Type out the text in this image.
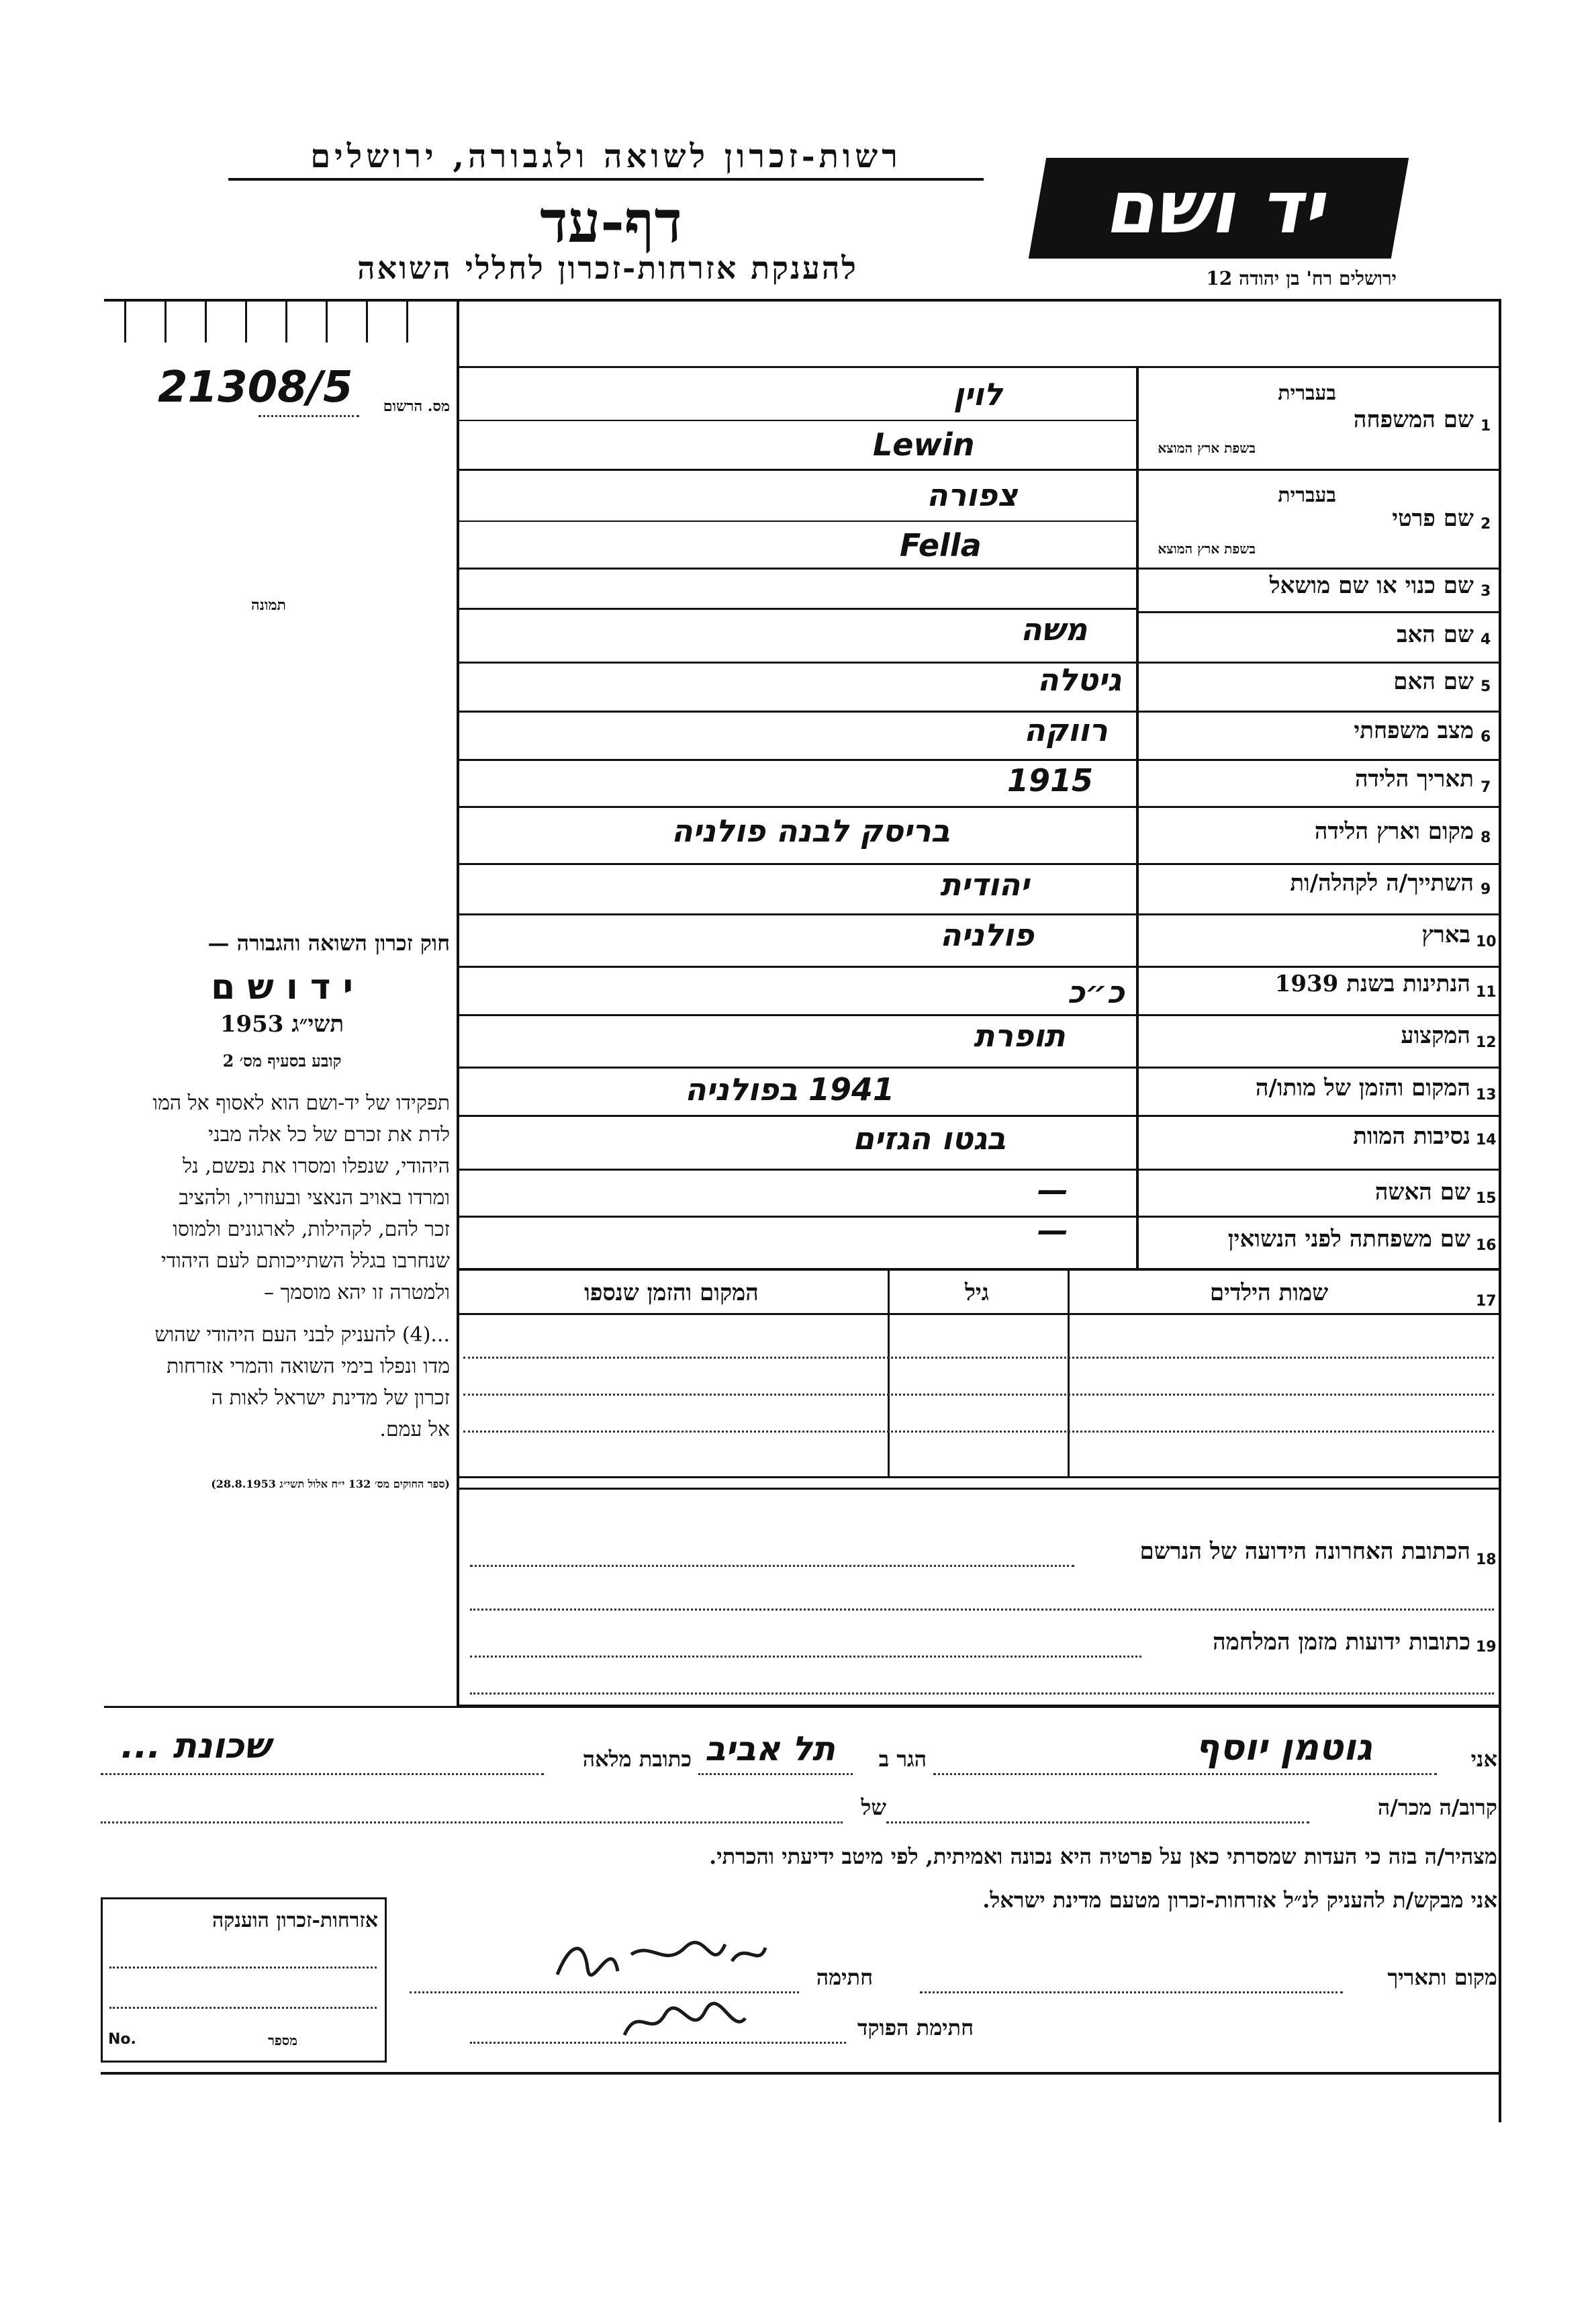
רשות-זכרון לשואה ולגבורה, ירושלים
דף-עד
להענקת אזרחות-זכרון לחללי השואה
יד ושם
ירושלים רח' בן יהודה 12
21308/5	מס. הרשום
תמונה
1
שם המשפחה
בעברית
בשפת ארץ המוצא
לוין
Lewin
2
שם פרטי
בעברית
בשפת ארץ המוצא
צפורה
Fella
3
שם כנוי או שם מושאל
4
שם האב
משה
5
שם האם
גיטלה
6
מצב משפחתי
רווקה
7
תאריך הלידה
1915
8
מקום וארץ הלידה
בריסק לבנה פולניה
9
השתייך/ה לקהלה/ות
יהודית
10
בארץ
פולניה
11
הנתינות בשנת 1939
כ״כ
12
המקצוע
תופרת
13
המקום והזמן של מותו/ה
1941 בפולניה
14
נסיבות המוות
בגטו הגזים
15
שם האשה
—
16
שם משפחתה לפני הנשואין
—
17
שמות הילדים
גיל
המקום והזמן שנספו
18
הכתובת האחרונה הידועה של הנרשם
19
כתובות ידועות מזמן המלחמה
חוק זכרון השואה והגבורה —
י ד ו ש ם
תשי״ג 1953
קובע בסעיף מס׳ 2
תפקידו של יד-ושם הוא לאסוף אל המו
לדת את זכרם של כל אלה מבני
היהודי, שנפלו ומסרו את נפשם, נל
ומרדו באויב הנאצי ובעוזריו, ולהציב
זכר להם, לקהילות, לארגונים ולמוסו
שנחרבו בגלל השתייכותם לעם היהודי
ולמטרה זו יהא מוסמך –
...(4) להעניק לבני העם היהודי שהוש
מדו ונפלו בימי השואה והמרי אזרחות
זכרון של מדינת ישראל לאות ה
אל עמם.
(ספר החוקים מס׳ 132 י״ח אלול תשי״ג 28.8.1953)
אני
גוטמן יוסף
הגר ב
תל אביב
כתובת מלאה
שכונת ...
קרוב/ה מכר/ה
של
מצהיר/ה בזה כי העדות שמסרתי כאן על פרטיה היא נכונה ואמיתית, לפי מיטב ידיעתי והכרתי.
אני מבקש/ת להעניק לנ״ל אזרחות-זכרון מטעם מדינת ישראל.
מקום ותאריך
חתימה
חתימת הפוקד
אזרחות-זכרון הוענקה
מספר
No.
